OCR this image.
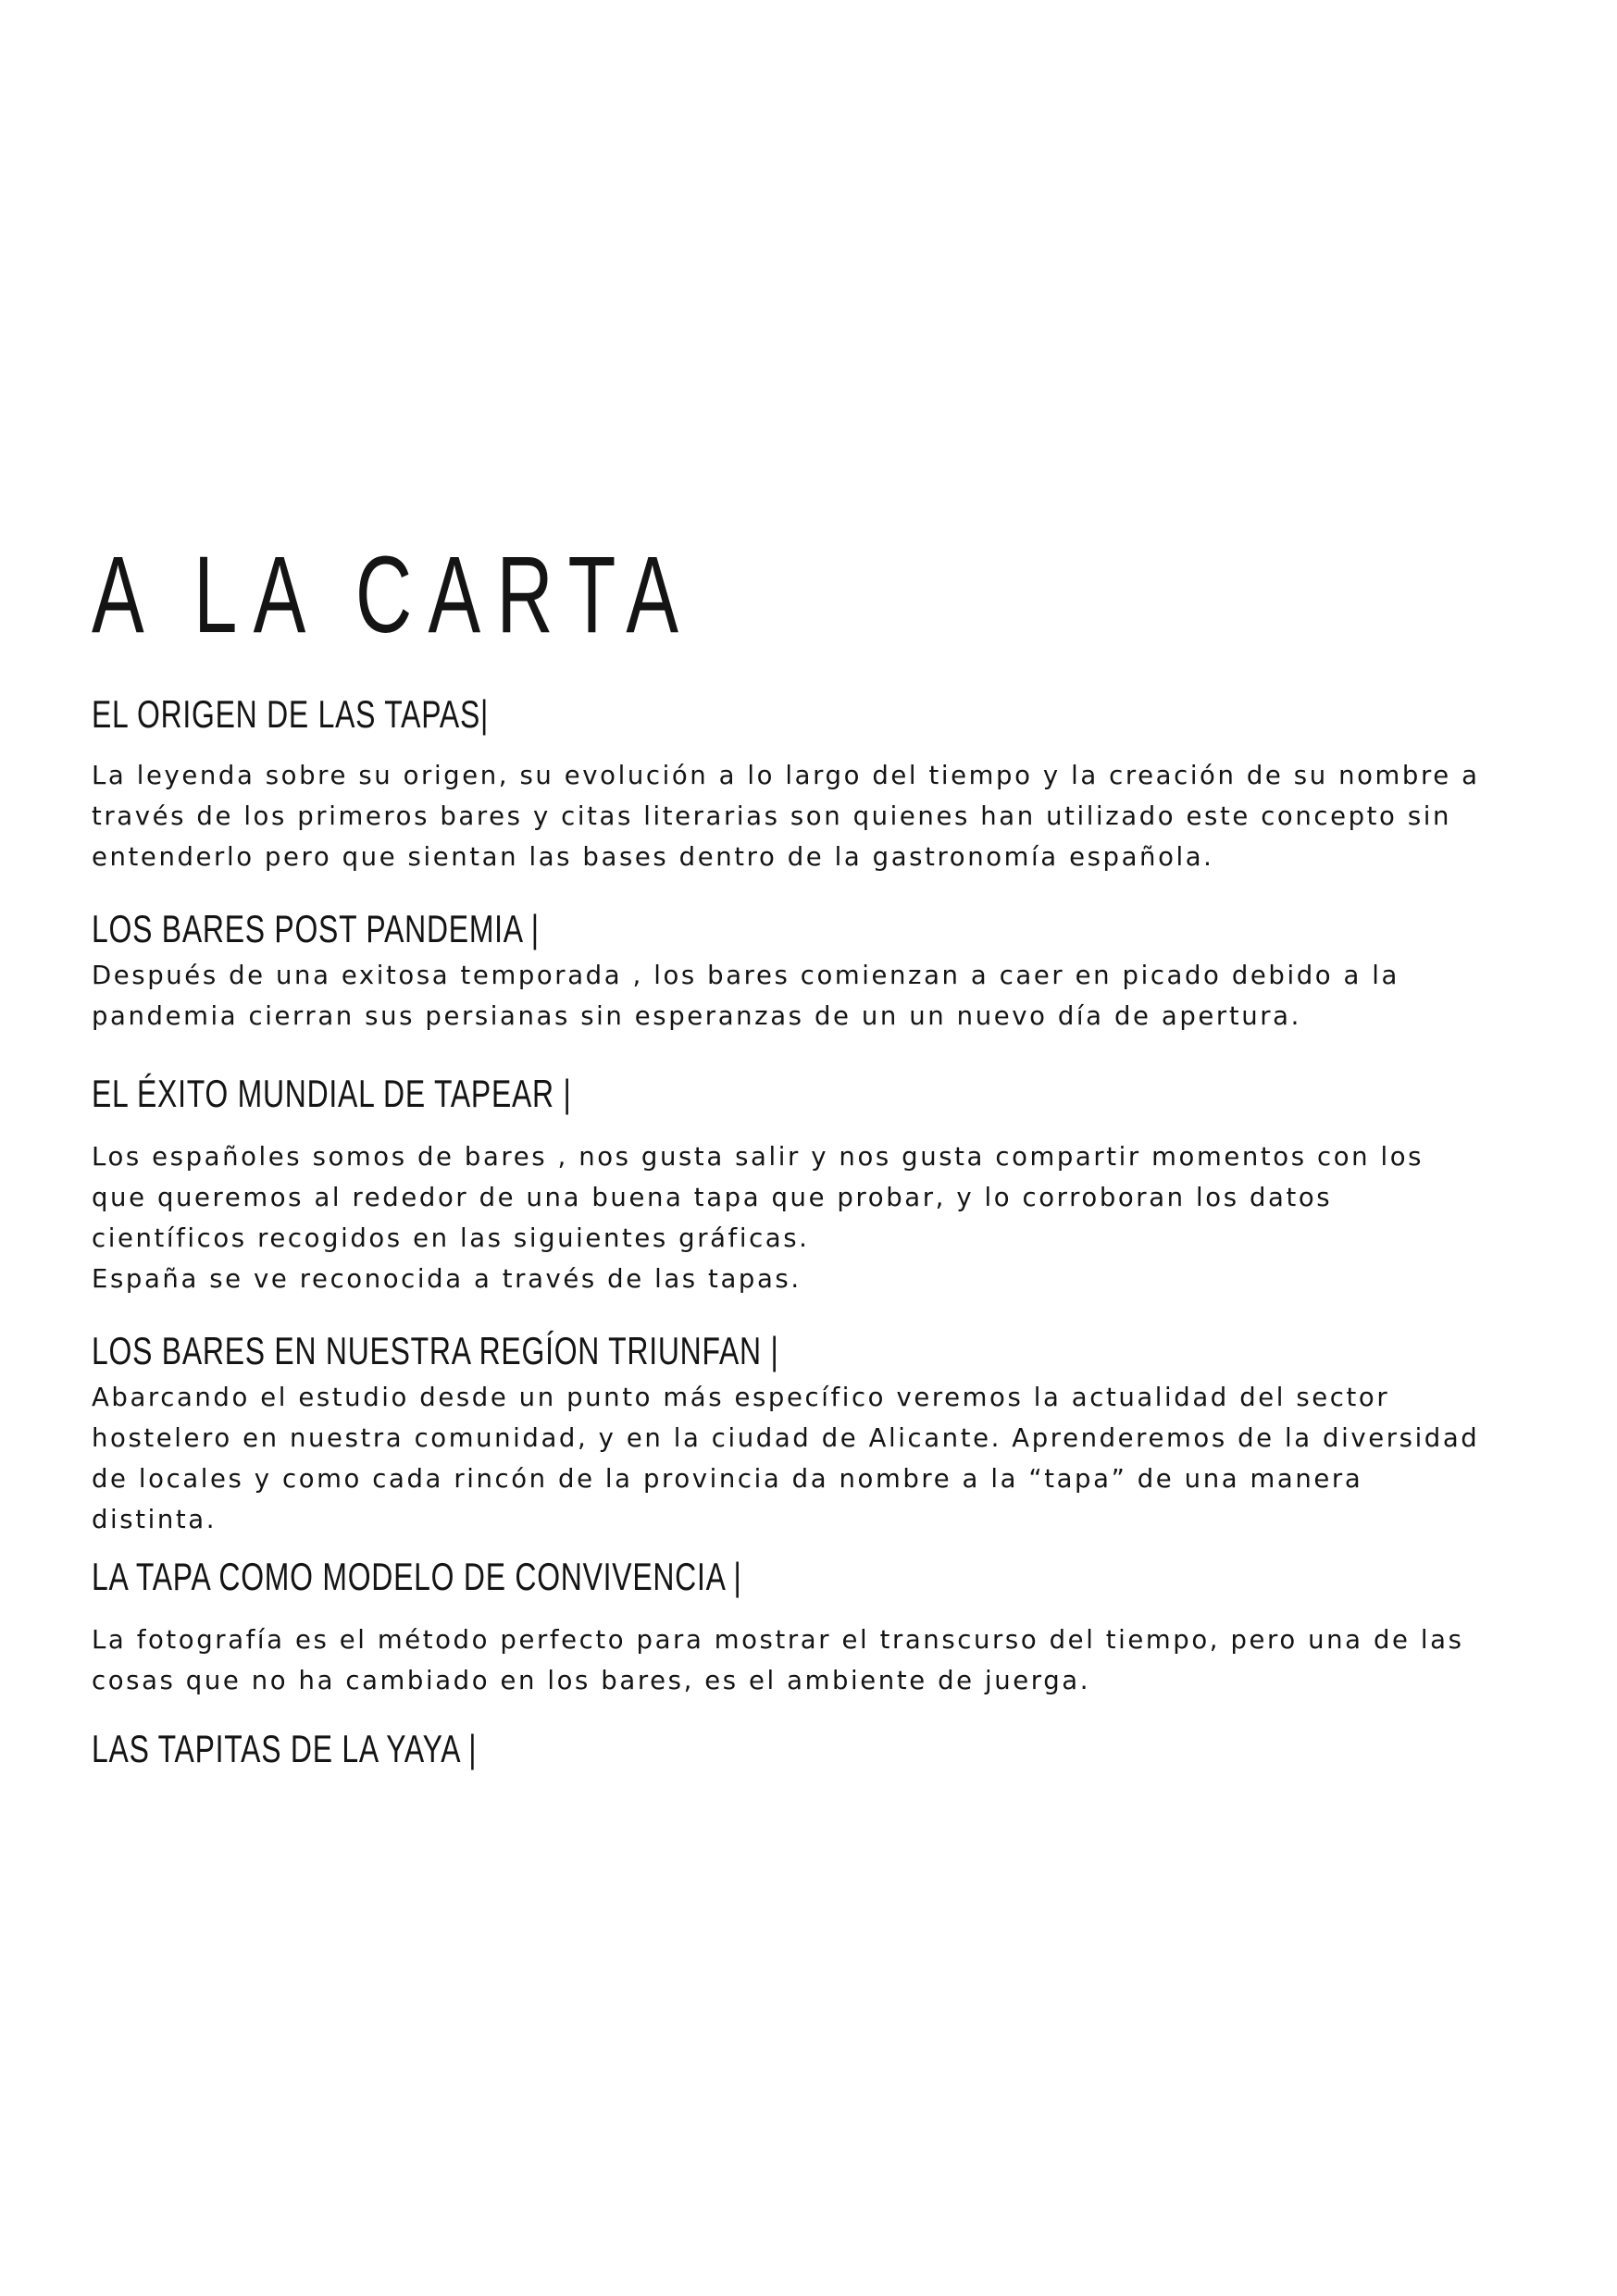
A LA CARTA
EL ORIGEN DE LAS TAPAS|

La leyenda sobre su origen, su evolución a lo largo del tiempo y la creación de su nombre a
través de los primeros bares y citas literarias son quienes han utilizado este concepto sin
entenderlo pero que sientan las bases dentro de la gastronomía española.

LOS BARES POST PANDEMIA |

Después de una exitosa temporada , los bares comienzan a caer en picado debido a la
pandemia cierran sus persianas sin esperanzas de un un nuevo día de apertura.

EL ÉXITO MUNDIAL DE TAPEAR |

Los españoles somos de bares , nos gusta salir y nos gusta compartir momentos con los
que queremos al rededor de una buena tapa que probar, y lo corroboran los datos
científicos recogidos en las siguientes gráficas.
España se ve reconocida a través de las tapas.

LOS BARES EN NUESTRA REGÍON TRIUNFAN |

Abarcando el estudio desde un punto más específico veremos la actualidad del sector
hostelero en nuestra comunidad, y en la ciudad de Alicante. Aprenderemos de la diversidad
de locales y como cada rincón de la provincia da nombre a la “tapa” de una manera
distinta.

LA TAPA COMO MODELO DE CONVIVENCIA |

La fotografía es el método perfecto para mostrar el transcurso del tiempo, pero una de las
cosas que no ha cambiado en los bares, es el ambiente de juerga.

LAS TAPITAS DE LA YAYA |
